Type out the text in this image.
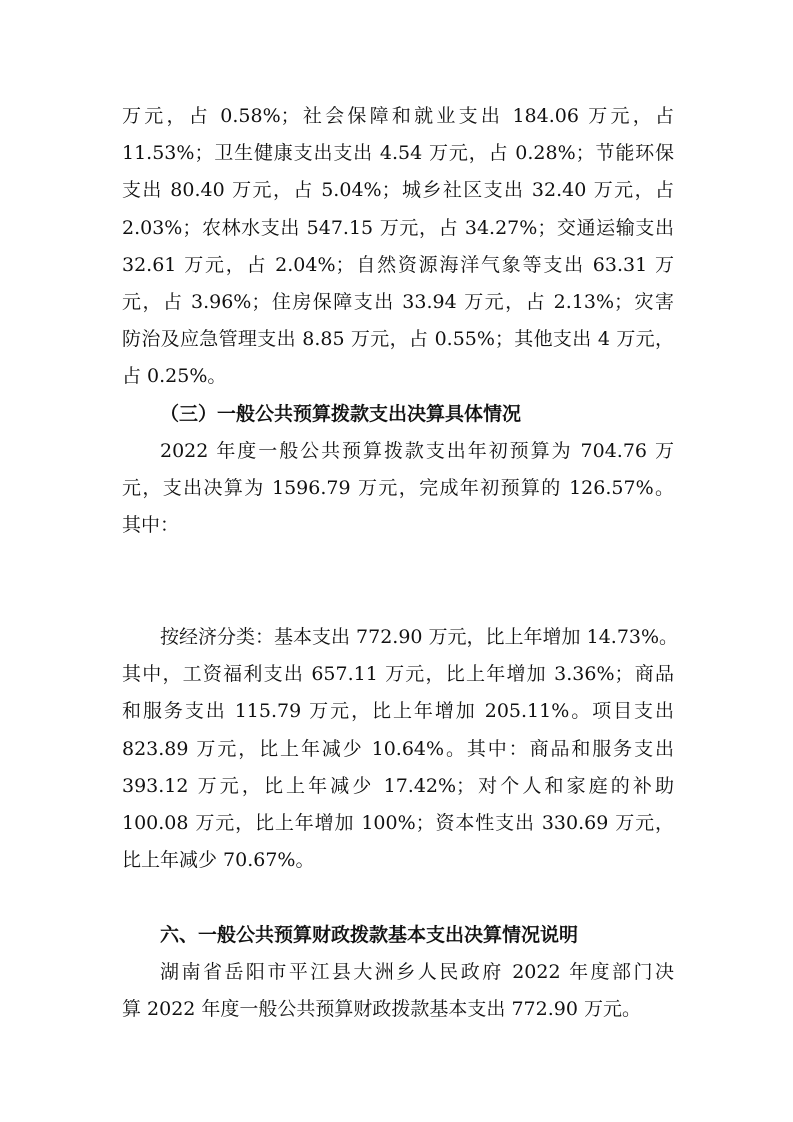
万元，占 0.58%；社会保障和就业支出 184.06 万元，占
11.53%；卫生健康支出支出 4.54 万元，占 0.28%；节能环保
支出 80.40 万元，占 5.04%；城乡社区支出 32.40 万元，占
2.03%；农林水支出 547.15 万元，占 34.27%；交通运输支出
32.61 万元，占 2.04%；自然资源海洋气象等支出 63.31 万
元，占 3.96%；住房保障支出 33.94 万元，占 2.13%；灾害
防治及应急管理支出 8.85 万元，占 0.55%；其他支出 4 万元，
占 0.25%。
（三）一般公共预算拨款支出决算具体情况
2022 年度一般公共预算拨款支出年初预算为 704.76 万
元，支出决算为 1596.79 万元，完成年初预算的 126.57%。
其中：
按经济分类：基本支出 772.90 万元，比上年增加 14.73%。
其中，工资福利支出 657.11 万元，比上年增加 3.36%；商品
和服务支出 115.79 万元，比上年增加 205.11%。项目支出
823.89 万元，比上年减少 10.64%。其中：商品和服务支出
393.12 万元，比上年减少 17.42%；对个人和家庭的补助
100.08 万元，比上年增加 100%；资本性支出 330.69 万元，
比上年减少 70.67%。
六、一般公共预算财政拨款基本支出决算情况说明
湖南省岳阳市平江县大洲乡人民政府 2022 年度部门决
算 2022 年度一般公共预算财政拨款基本支出 772.90 万元。
